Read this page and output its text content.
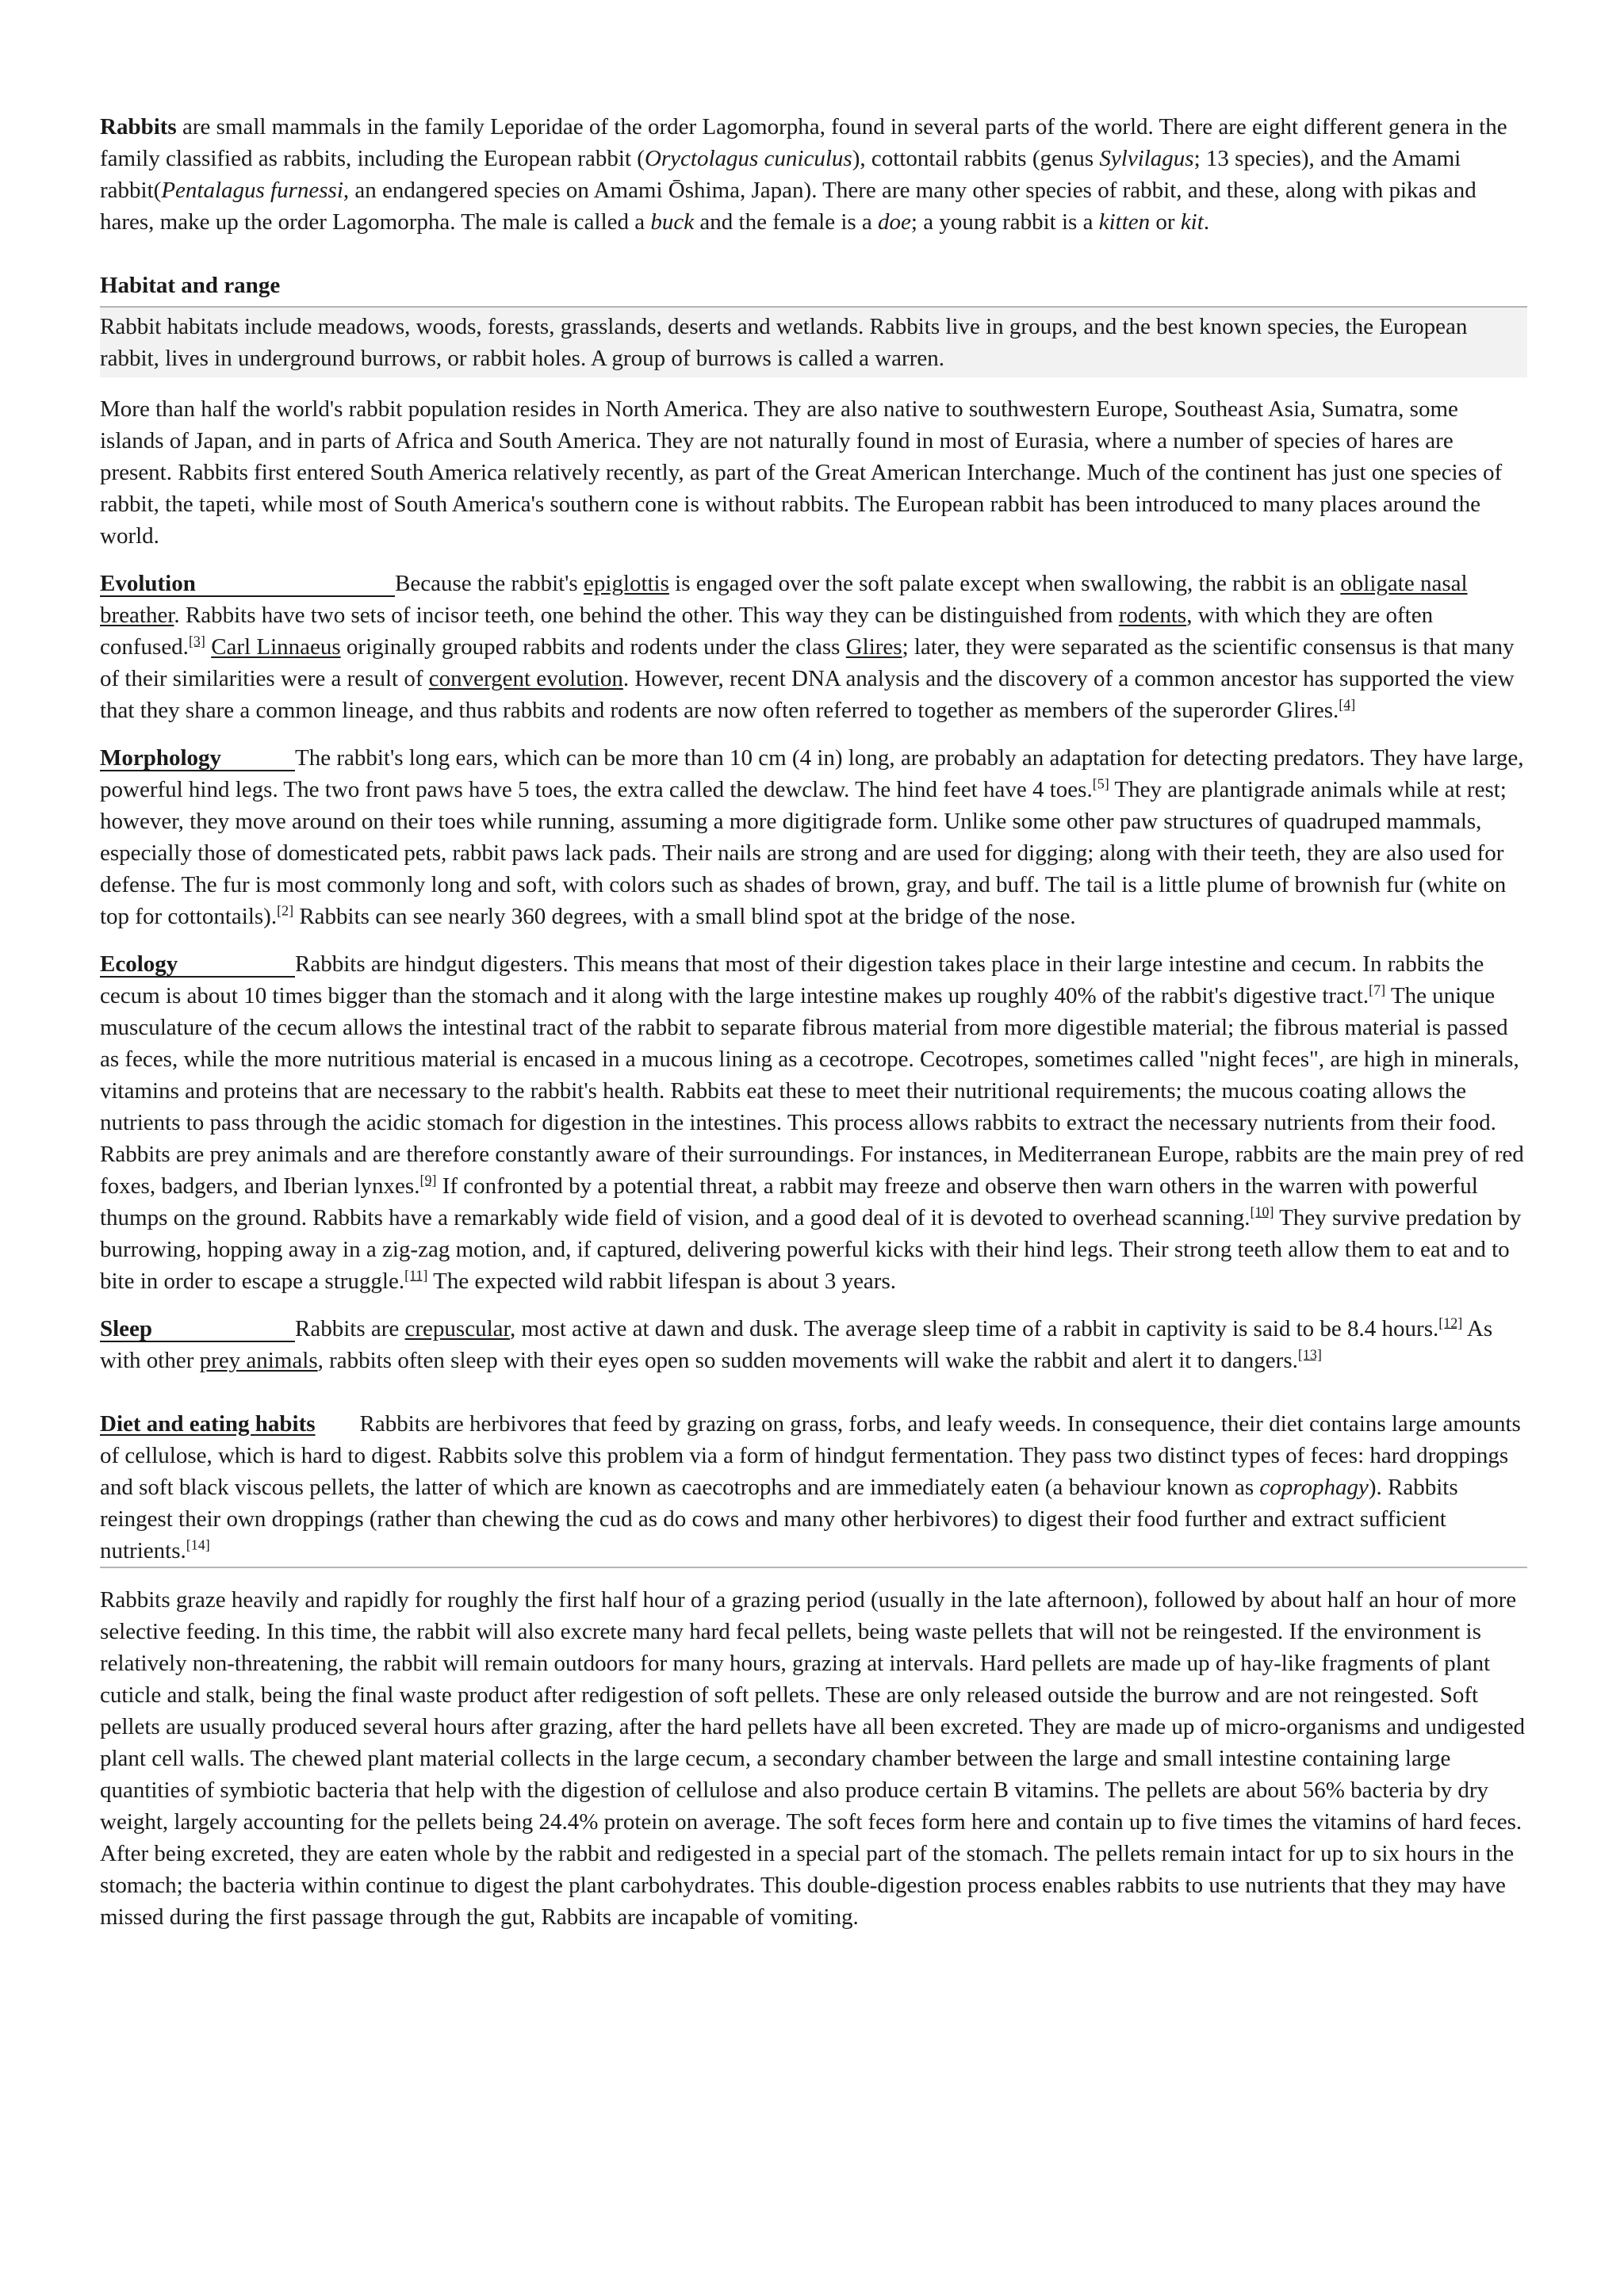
Rabbits are small mammals in the family Leporidae of the order Lagomorpha, found in several parts of the world. There are eight different genera in the family classified as rabbits, including the European rabbit (Oryctolagus cuniculus), cottontail rabbits (genus Sylvilagus; 13 species), and the Amami rabbit(Pentalagus furnessi, an endangered species on Amami Ōshima, Japan). There are many other species of rabbit, and these, along with pikas and hares, make up the order Lagomorpha. The male is called a buck and the female is a doe; a young rabbit is a kitten or kit.

Habitat and range

Rabbit habitats include meadows, woods, forests, grasslands, deserts and wetlands. Rabbits live in groups, and the best known species, the European rabbit, lives in underground burrows, or rabbit holes. A group of burrows is called a warren.

More than half the world's rabbit population resides in North America. They are also native to southwestern Europe, Southeast Asia, Sumatra, some islands of Japan, and in parts of Africa and South America. They are not naturally found in most of Eurasia, where a number of species of hares are present. Rabbits first entered South America relatively recently, as part of the Great American Interchange. Much of the continent has just one species of rabbit, the tapeti, while most of South America's southern cone is without rabbits. The European rabbit has been introduced to many places around the world.

Evolution	Because the rabbit's epiglottis is engaged over the soft palate except when swallowing, the rabbit is an obligate nasal breather. Rabbits have two sets of incisor teeth, one behind the other. This way they can be distinguished from rodents, with which they are often confused.[3] Carl Linnaeus originally grouped rabbits and rodents under the class Glires; later, they were separated as the scientific consensus is that many of their similarities were a result of convergent evolution. However, recent DNA analysis and the discovery of a common ancestor has supported the view that they share a common lineage, and thus rabbits and rodents are now often referred to together as members of the superorder Glires.[4]

Morphology	The rabbit's long ears, which can be more than 10 cm (4 in) long, are probably an adaptation for detecting predators. They have large, powerful hind legs. The two front paws have 5 toes, the extra called the dewclaw. The hind feet have 4 toes.[5] They are plantigrade animals while at rest; however, they move around on their toes while running, assuming a more digitigrade form. Unlike some other paw structures of quadruped mammals, especially those of domesticated pets, rabbit paws lack pads. Their nails are strong and are used for digging; along with their teeth, they are also used for defense. The fur is most commonly long and soft, with colors such as shades of brown, gray, and buff. The tail is a little plume of brownish fur (white on top for cottontails).[2] Rabbits can see nearly 360 degrees, with a small blind spot at the bridge of the nose.

Ecology	Rabbits are hindgut digesters. This means that most of their digestion takes place in their large intestine and cecum. In rabbits the cecum is about 10 times bigger than the stomach and it along with the large intestine makes up roughly 40% of the rabbit's digestive tract.[7] The unique musculature of the cecum allows the intestinal tract of the rabbit to separate fibrous material from more digestible material; the fibrous material is passed as feces, while the more nutritious material is encased in a mucous lining as a cecotrope. Cecotropes, sometimes called "night feces", are high in minerals, vitamins and proteins that are necessary to the rabbit's health. Rabbits eat these to meet their nutritional requirements; the mucous coating allows the nutrients to pass through the acidic stomach for digestion in the intestines. This process allows rabbits to extract the necessary nutrients from their food. Rabbits are prey animals and are therefore constantly aware of their surroundings. For instances, in Mediterranean Europe, rabbits are the main prey of red foxes, badgers, and Iberian lynxes.[9] If confronted by a potential threat, a rabbit may freeze and observe then warn others in the warren with powerful thumps on the ground. Rabbits have a remarkably wide field of vision, and a good deal of it is devoted to overhead scanning.[10] They survive predation by burrowing, hopping away in a zig-zag motion, and, if captured, delivering powerful kicks with their hind legs. Their strong teeth allow them to eat and to bite in order to escape a struggle.[11] The expected wild rabbit lifespan is about 3 years.

Sleep	Rabbits are crepuscular, most active at dawn and dusk. The average sleep time of a rabbit in captivity is said to be 8.4 hours.[12] As with other prey animals, rabbits often sleep with their eyes open so sudden movements will wake the rabbit and alert it to dangers.[13]

Diet and eating habits Rabbits are herbivores that feed by grazing on grass, forbs, and leafy weeds. In consequence, their diet contains large amounts of cellulose, which is hard to digest. Rabbits solve this problem via a form of hindgut fermentation. They pass two distinct types of feces: hard droppings and soft black viscous pellets, the latter of which are known as caecotrophs and are immediately eaten (a behaviour known as coprophagy). Rabbits reingest their own droppings (rather than chewing the cud as do cows and many other herbivores) to digest their food further and extract sufficient nutrients.[14]

Rabbits graze heavily and rapidly for roughly the first half hour of a grazing period (usually in the late afternoon), followed by about half an hour of more selective feeding. In this time, the rabbit will also excrete many hard fecal pellets, being waste pellets that will not be reingested. If the environment is relatively non-threatening, the rabbit will remain outdoors for many hours, grazing at intervals. Hard pellets are made up of hay-like fragments of plant cuticle and stalk, being the final waste product after redigestion of soft pellets. These are only released outside the burrow and are not reingested. Soft pellets are usually produced several hours after grazing, after the hard pellets have all been excreted. They are made up of micro-organisms and undigested plant cell walls. The chewed plant material collects in the large cecum, a secondary chamber between the large and small intestine containing large quantities of symbiotic bacteria that help with the digestion of cellulose and also produce certain B vitamins. The pellets are about 56% bacteria by dry weight, largely accounting for the pellets being 24.4% protein on average. The soft feces form here and contain up to five times the vitamins of hard feces. After being excreted, they are eaten whole by the rabbit and redigested in a special part of the stomach. The pellets remain intact for up to six hours in the stomach; the bacteria within continue to digest the plant carbohydrates. This double-digestion process enables rabbits to use nutrients that they may have missed during the first passage through the gut, Rabbits are incapable of vomiting.
